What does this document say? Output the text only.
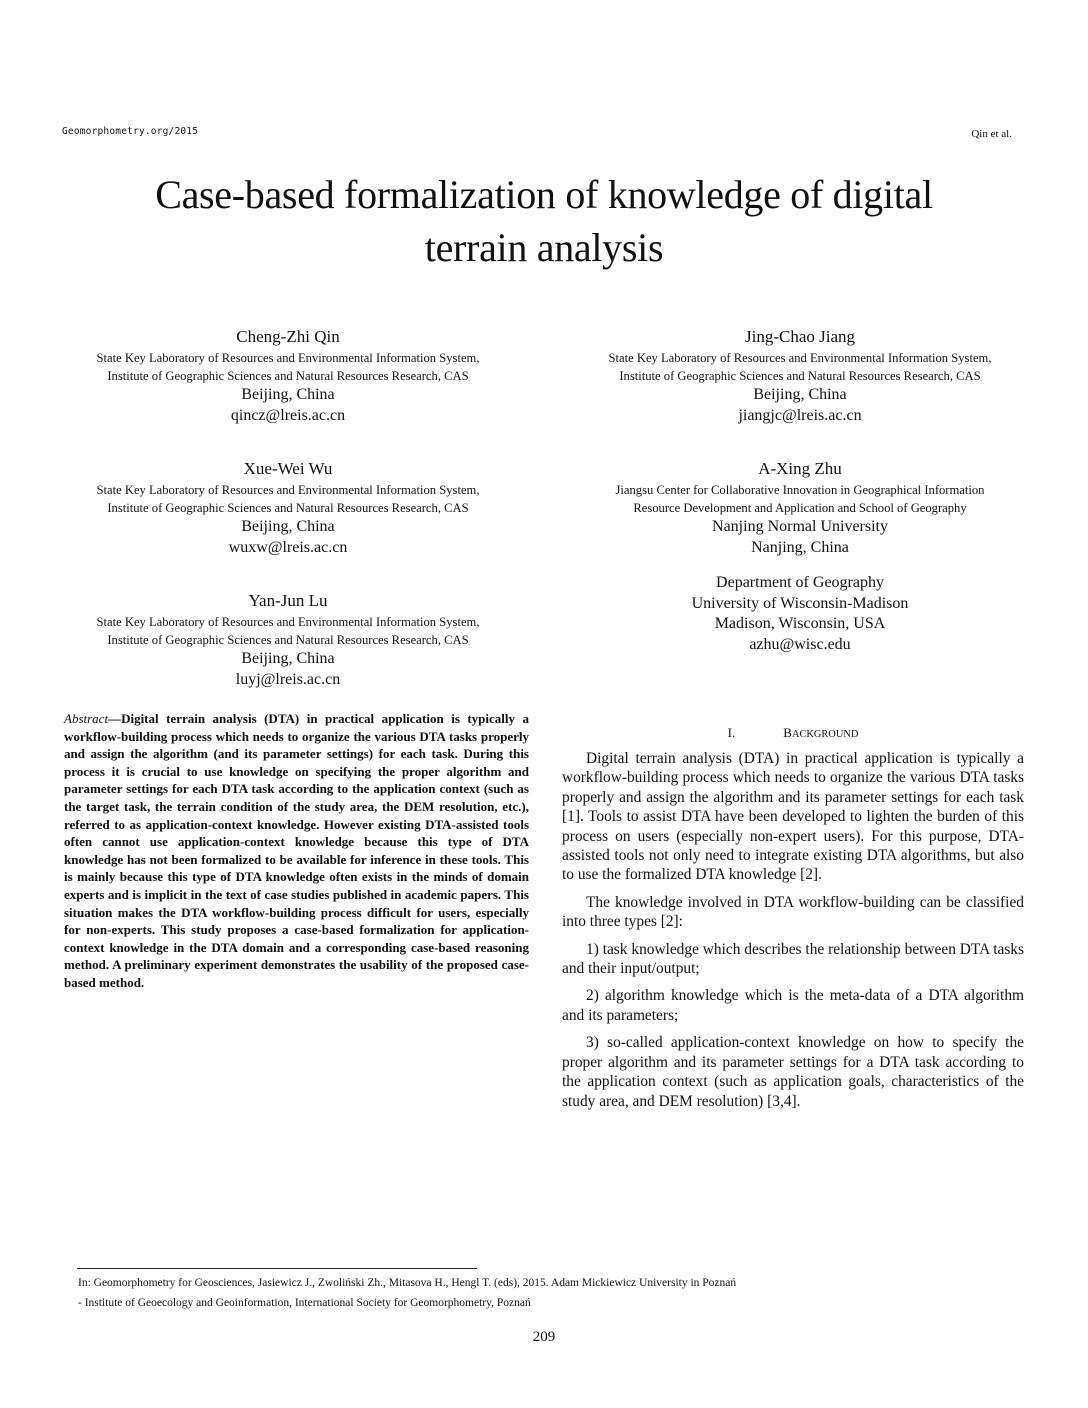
Geomorphometry.org/2015	Qin et al.
Case-based formalization of knowledge of digital
terrain analysis
Cheng-Zhi Qin
State Key Laboratory of Resources and Environmental Information System,
Institute of Geographic Sciences and Natural Resources Research, CAS
Beijing, China
qincz@lreis.ac.cn
Jing-Chao Jiang
State Key Laboratory of Resources and Environmental Information System,
Institute of Geographic Sciences and Natural Resources Research, CAS
Beijing, China
jiangjc@lreis.ac.cn
Xue-Wei Wu
State Key Laboratory of Resources and Environmental Information System,
Institute of Geographic Sciences and Natural Resources Research, CAS
Beijing, China
wuxw@lreis.ac.cn
A-Xing Zhu
Jiangsu Center for Collaborative Innovation in Geographical Information
Resource Development and Application and School of Geography
Nanjing Normal University
Nanjing, China
Department of Geography
University of Wisconsin-Madison
Madison, Wisconsin, USA
azhu@wisc.edu
Yan-Jun Lu
State Key Laboratory of Resources and Environmental Information System,
Institute of Geographic Sciences and Natural Resources Research, CAS
Beijing, China
luyj@lreis.ac.cn
Abstract—Digital terrain analysis (DTA) in practical application is typically a workflow-building process which needs to organize the various DTA tasks properly and assign the algorithm (and its parameter settings) for each task. During this process it is crucial to use knowledge on specifying the proper algorithm and parameter settings for each DTA task according to the application context (such as the target task, the terrain condition of the study area, the DEM resolution, etc.), referred to as application-context knowledge. However existing DTA-assisted tools often cannot use application-context knowledge because this type of DTA knowledge has not been formalized to be available for inference in these tools. This is mainly because this type of DTA knowledge often exists in the minds of domain experts and is implicit in the text of case studies published in academic papers. This situation makes the DTA workflow-building process difficult for users, especially for non-experts. This study proposes a case-based formalization for application-context knowledge in the DTA domain and a corresponding case-based reasoning method. A preliminary experiment demonstrates the usability of the proposed case-based method.
I.	BACKGROUND

Digital terrain analysis (DTA) in practical application is typically a workflow-building process which needs to organize the various DTA tasks properly and assign the algorithm and its parameter settings for each task [1]. Tools to assist DTA have been developed to lighten the burden of this process on users (especially non-expert users). For this purpose, DTA-assisted tools not only need to integrate existing DTA algorithms, but also to use the formalized DTA knowledge [2].

The knowledge involved in DTA workflow-building can be classified into three types [2]:

1) task knowledge which describes the relationship between DTA tasks and their input/output;

2) algorithm knowledge which is the meta-data of a DTA algorithm and its parameters;

3) so-called application-context knowledge on how to specify the proper algorithm and its parameter settings for a DTA task according to the application context (such as application goals, characteristics of the study area, and DEM resolution) [3,4].

In: Geomorphometry for Geosciences, Jasiewicz J., Zwoliński Zh., Mitasova H., Hengl T. (eds), 2015. Adam Mickiewicz University in Poznań
- Institute of Geoecology and Geoinformation, International Society for Geomorphometry, Poznań
209
